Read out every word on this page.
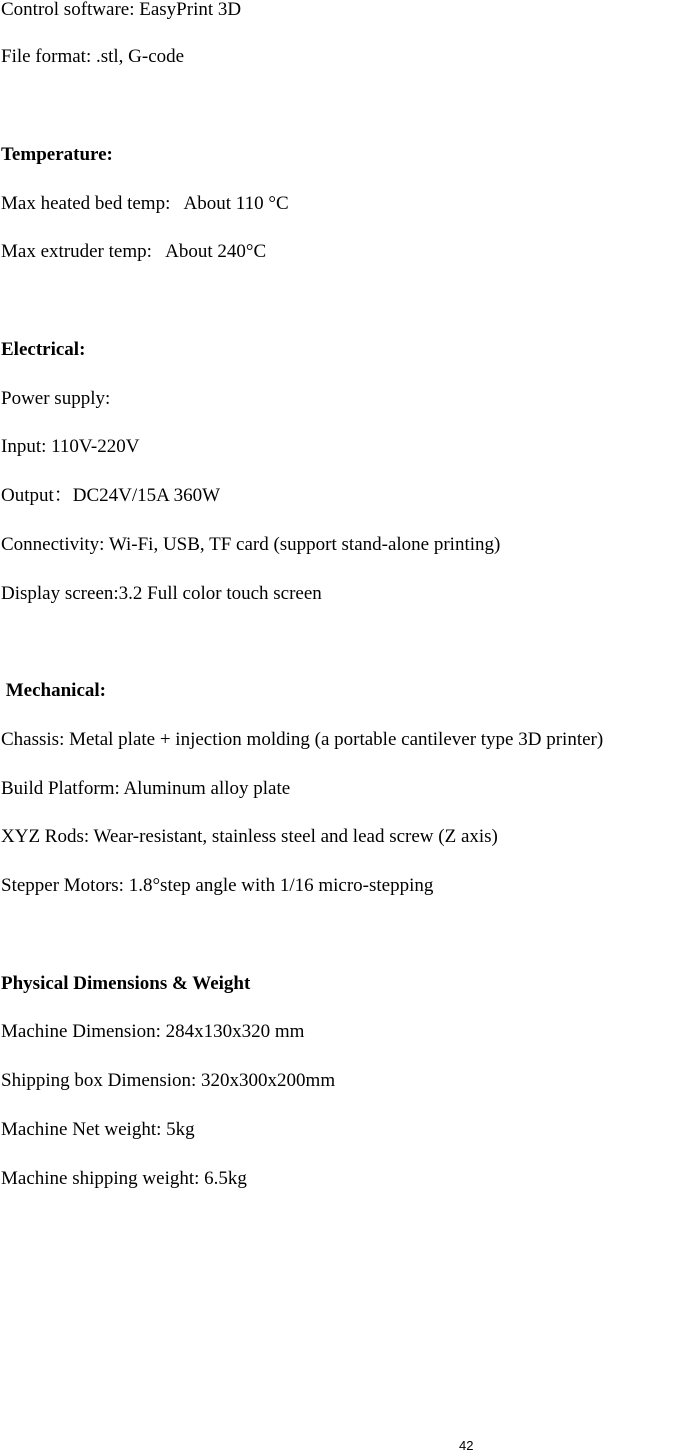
Control software: EasyPrint 3D

File format: .stl, G-code

Temperature:

Max heated bed temp:   About 110 °C

Max extruder temp:   About 240°C

Electrical:

Power supply:

Input: 110V-220V

Output：DC24V/15A 360W

Connectivity: Wi-Fi, USB, TF card (support stand-alone printing)

Display screen:3.2 Full color touch screen

Mechanical:

Chassis: Metal plate + injection molding (a portable cantilever type 3D printer)

Build Platform: Aluminum alloy plate

XYZ Rods: Wear-resistant, stainless steel and lead screw (Z axis)

Stepper Motors: 1.8°step angle with 1/16 micro-stepping

Physical Dimensions & Weight

Machine Dimension: 284x130x320 mm

Shipping box Dimension: 320x300x200mm

Machine Net weight: 5kg

Machine shipping weight: 6.5kg

42
